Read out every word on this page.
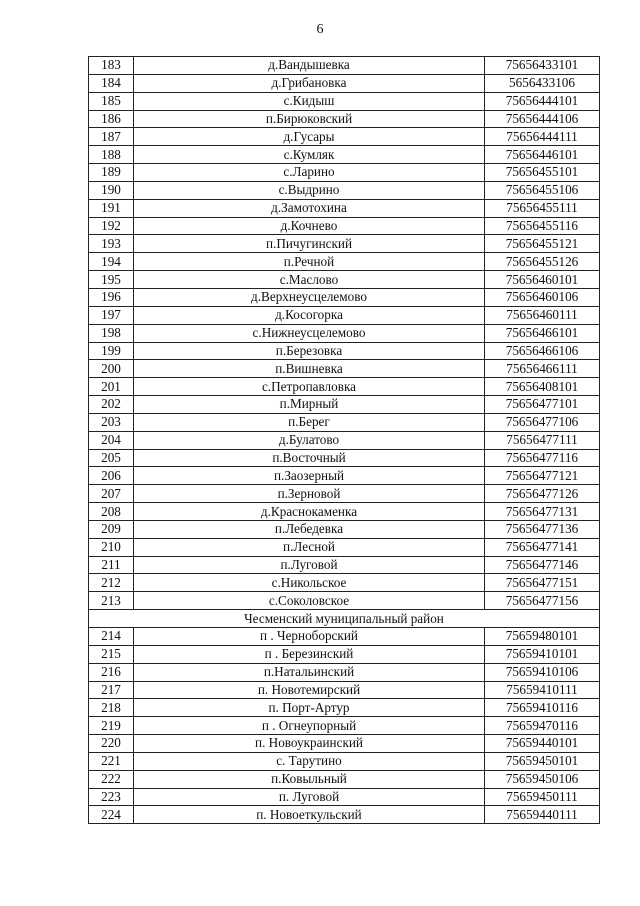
6
183	д.Вандышевка	75656433101
184	д.Грибановка	5656433106
185	с.Кидыш	75656444101
186	п.Бирюковский	75656444106
187	д.Гусары	75656444111
188	с.Кумляк	75656446101
189	с.Ларино	75656455101
190	с.Выдрино	75656455106
191	д.Замотохина	75656455111
192	д.Кочнево	75656455116
193	п.Пичугинский	75656455121
194	п.Речной	75656455126
195	с.Маслово	75656460101
196	д.Верхнеусцелемово	75656460106
197	д.Косогорка	75656460111
198	с.Нижнеусцелемово	75656466101
199	п.Березовка	75656466106
200	п.Вишневка	75656466111
201	с.Петропавловка	75656408101
202	п.Мирный	75656477101
203	п.Берег	75656477106
204	д.Булатово	75656477111
205	п.Восточный	75656477116
206	п.Заозерный	75656477121
207	п.Зерновой	75656477126
208	д.Краснокаменка	75656477131
209	п.Лебедевка	75656477136
210	п.Лесной	75656477141
211	п.Луговой	75656477146
212	с.Никольское	75656477151
213	с.Соколовское	75656477156
Чесменский муниципальный район		
214	п . Черноборский	75659480101
215	п . Березинский	75659410101
216	п.Натальинский	75659410106
217	п. Новотемирский	75659410111
218	п. Порт-Артур	75659410116
219	п . Огнеупорный	75659470116
220	п. Новоукраинский	75659440101
221	с. Тарутино	75659450101
222	п.Ковыльный	75659450106
223	п. Луговой	75659450111
224	п. Новоеткульский	75659440111
